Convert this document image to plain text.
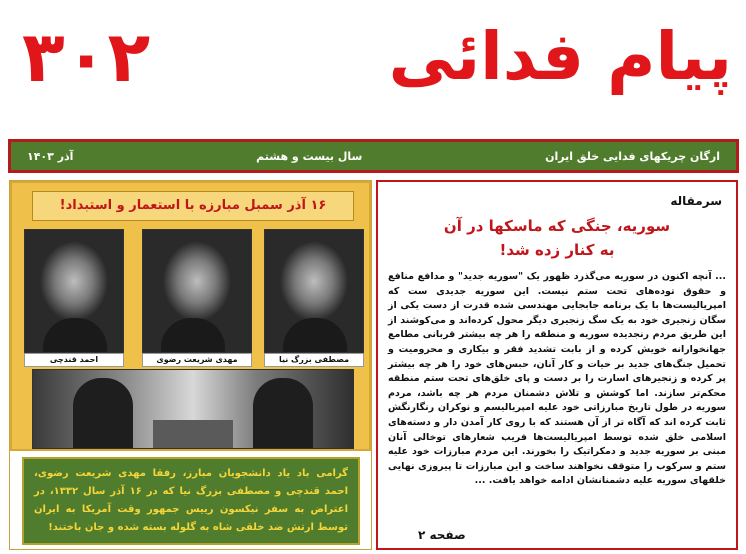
پیام فدائی
۳۰۲
ارگان چریکهای فدایی خلق ایران
سال بیست و هشتم
آذر ۱۴۰۳
۱۶ آذر سمبل مبارزه با استعمار و استبداد!
مصطفی بزرگ نیا
مهدی شریعت رضوی
احمد قندچی
گرامی باد یاد دانشجویان مبارز، رفقا مهدی شریعت رضوی، احمد قندچی و مصطفی بزرگ نیا که در ۱۶ آذر سال ۱۳۳۲، در اعتراض به سفر نیکسون رییس جمهور وقت آمریکا به ایران توسط ارتش ضد خلقی شاه به گلوله بسته شده و جان باختند!
سرمقاله
سوریه، جنگی که ماسکها در آن
به کنار زده شد!
... آنچه اکنون در سوریه می‌گذرد ظهور یک "سوریه جدید" و مدافع منافع و حقوق توده‌های تحت ستم نیست. این سوریه جدیدی ست که امپریالیست‌ها با یک برنامه جابجایی مهندسی شده قدرت از دست یکی از سگان زنجیری خود به یک سگ زنجیری دیگر محول کرده‌اند و می‌کوشند از این طریق مردم رنجدیده سوریه و منطقه را هر چه بیشتر قربانی مطامع جهانخوارانه خویش کرده و از بابت تشدید فقر و بیکاری و محرومیت و تحمیل جنگ‌های جدید بر حیات و کار آنان، حبس‌های خود را هر چه بیشتر پر کرده و زنجیرهای اسارت را بر دست و پای خلق‌های تحت ستم منطقه محکم‌تر سازند. اما کوشش و تلاش دشمنان مردم هر چه باشد، مردم سوریه در طول تاریخ مبارزاتی خود علیه امپریالیسم و نوکران رنگارنگش ثابت کرده اند که آگاه تر از آن هستند که با روی کار آمدن دار و دسته‌های اسلامی خلق شده توسط امپریالیست‌ها فریب شعارهای توخالی آنان مبنی بر سوریه جدید و دمکراتیک را بخورند. این مردم مبارزات خود علیه ستم و سرکوب را متوقف نخواهند ساخت و این مبارزات تا پیروزی نهایی خلقهای سوریه علیه دشمنانشان ادامه خواهد یافت. ...
صفحه ۲
